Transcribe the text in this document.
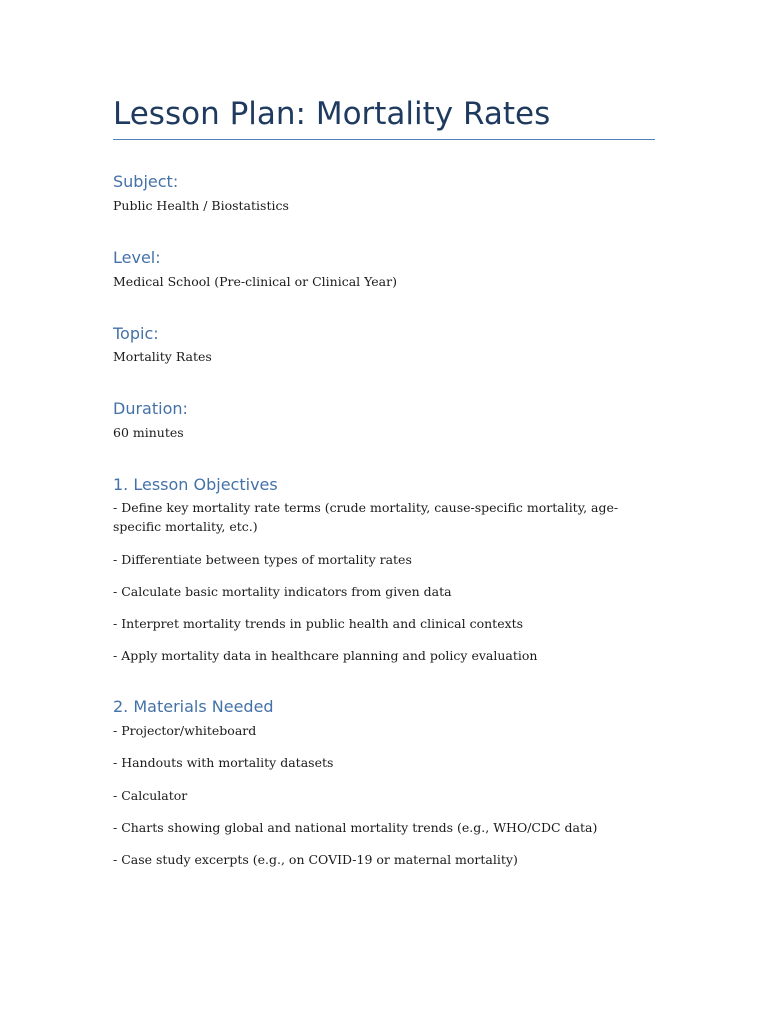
Lesson Plan: Mortality Rates
Subject:

Public Health / Biostatistics

Level:

Medical School (Pre-clinical or Clinical Year)

Topic:

Mortality Rates

Duration:

60 minutes

1. Lesson Objectives

- Define key mortality rate terms (crude mortality, cause-specific mortality, age-specific mortality, etc.)

- Differentiate between types of mortality rates

- Calculate basic mortality indicators from given data

- Interpret mortality trends in public health and clinical contexts

- Apply mortality data in healthcare planning and policy evaluation

2. Materials Needed

- Projector/whiteboard

- Handouts with mortality datasets

- Calculator

- Charts showing global and national mortality trends (e.g., WHO/CDC data)

- Case study excerpts (e.g., on COVID-19 or maternal mortality)
